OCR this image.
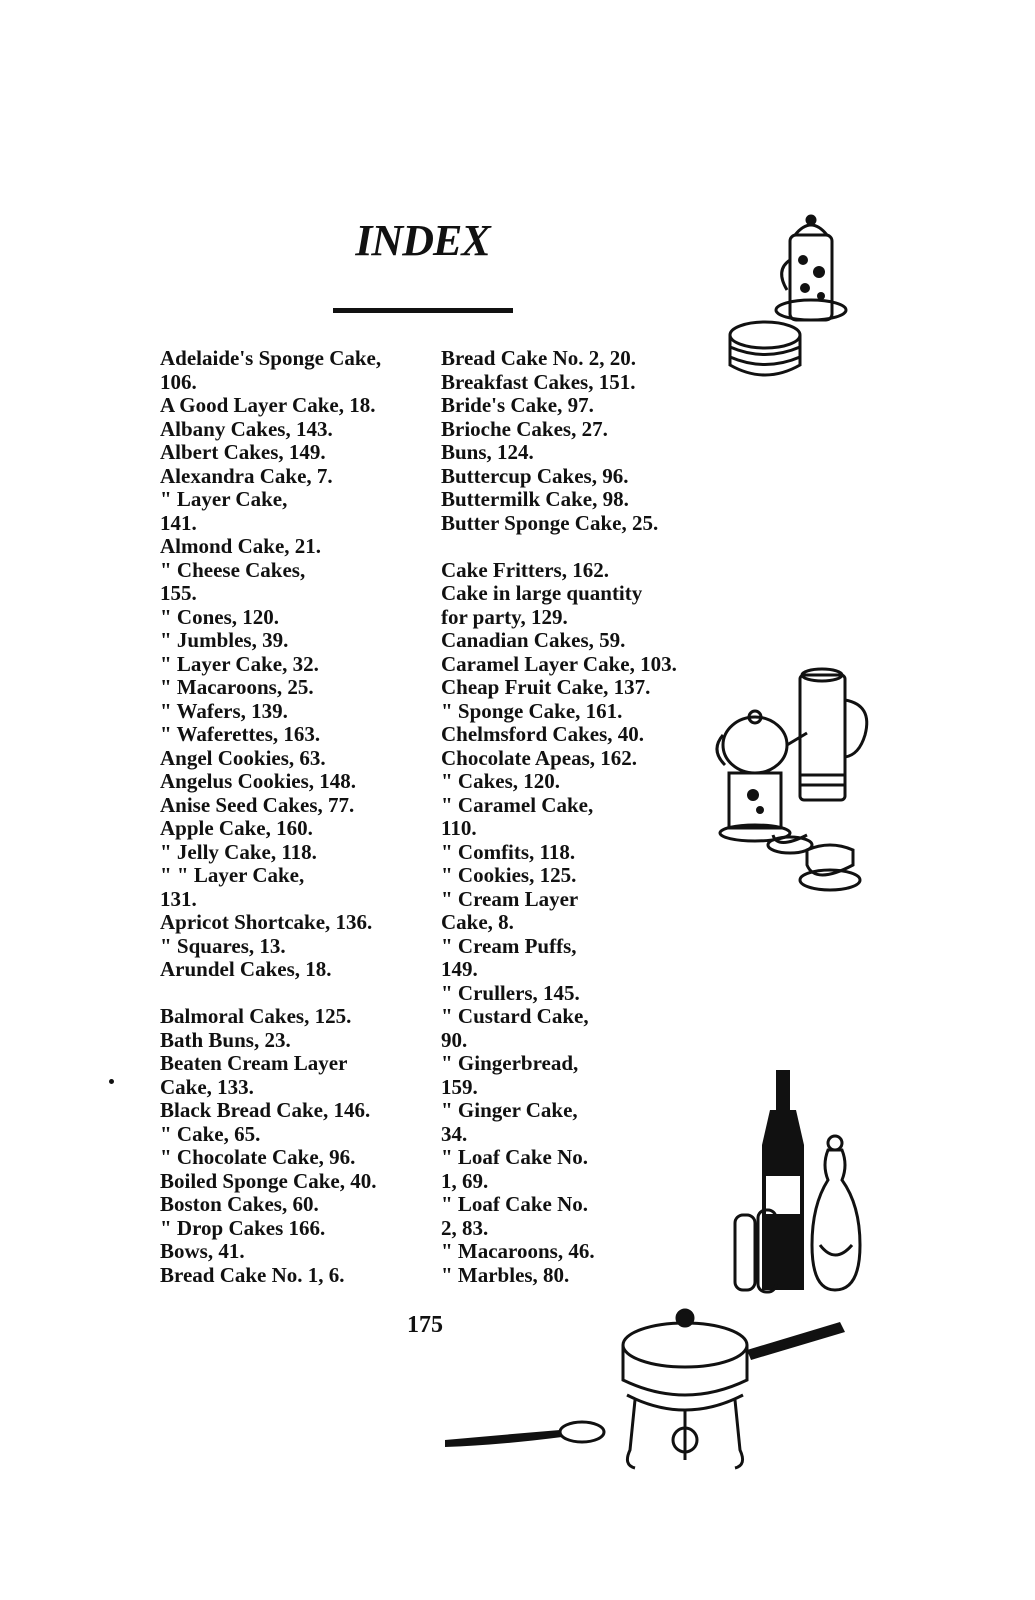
INDEX
Adelaide's Sponge Cake,
106.
A Good Layer Cake, 18.
Albany Cakes, 143.
Albert Cakes, 149.
Alexandra Cake, 7.
" Layer Cake,
141.
Almond Cake, 21.
" Cheese Cakes,
155.
" Cones, 120.
" Jumbles, 39.
" Layer Cake, 32.
" Macaroons, 25.
" Wafers, 139.
" Waferettes, 163.
Angel Cookies, 63.
Angelus Cookies, 148.
Anise Seed Cakes, 77.
Apple Cake, 160.
" Jelly Cake, 118.
" " Layer Cake,
131.
Apricot Shortcake, 136.
" Squares, 13.
Arundel Cakes, 18.
Balmoral Cakes, 125.
Bath Buns, 23.
Beaten Cream Layer
Cake, 133.
Black Bread Cake, 146.
" Cake, 65.
" Chocolate Cake, 96.
Boiled Sponge Cake, 40.
Boston Cakes, 60.
" Drop Cakes 166.
Bows, 41.
Bread Cake No. 1, 6.
Bread Cake No. 2, 20.
Breakfast Cakes, 151.
Bride's Cake, 97.
Brioche Cakes, 27.
Buns, 124.
Buttercup Cakes, 96.
Buttermilk Cake, 98.
Butter Sponge Cake, 25.
Cake Fritters, 162.
Cake in large quantity
for party, 129.
Canadian Cakes, 59.
Caramel Layer Cake, 103.
Cheap Fruit Cake, 137.
" Sponge Cake, 161.
Chelmsford Cakes, 40.
Chocolate Apeas, 162.
" Cakes, 120.
" Caramel Cake,
110.
" Comfits, 118.
" Cookies, 125.
" Cream Layer
Cake, 8.
" Cream Puffs,
149.
" Crullers, 145.
" Custard Cake,
90.
" Gingerbread,
159.
" Ginger Cake,
34.
" Loaf Cake No.
1, 69.
" Loaf Cake No.
2, 83.
" Macaroons, 46.
" Marbles, 80.
175
